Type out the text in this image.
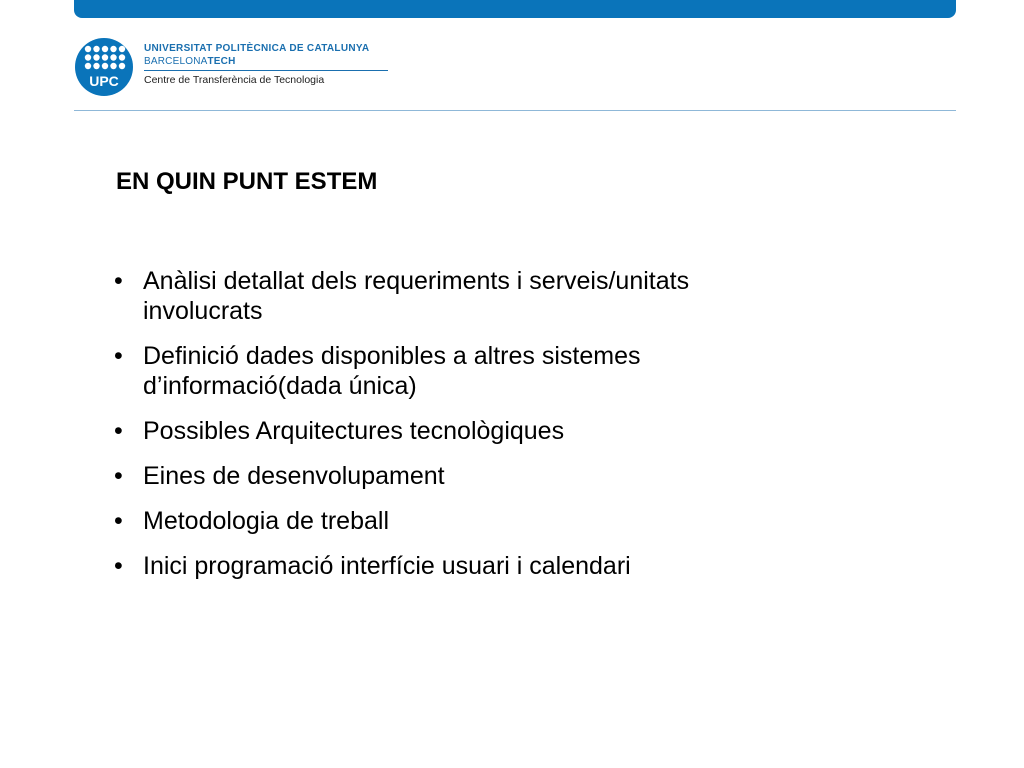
UPC
UNIVERSITAT POLITÈCNICA DE CATALUNYA
BARCELONATECH
Centre de Transferència de Tecnologia
EN QUIN PUNT ESTEM
• Anàlisi detallat dels requeriments i serveis/unitats involucrats
• Definició dades disponibles a altres sistemes d’informació(dada única)
• Possibles Arquitectures tecnològiques
• Eines de desenvolupament
• Metodologia de treball
• Inici programació interfície usuari i calendari
